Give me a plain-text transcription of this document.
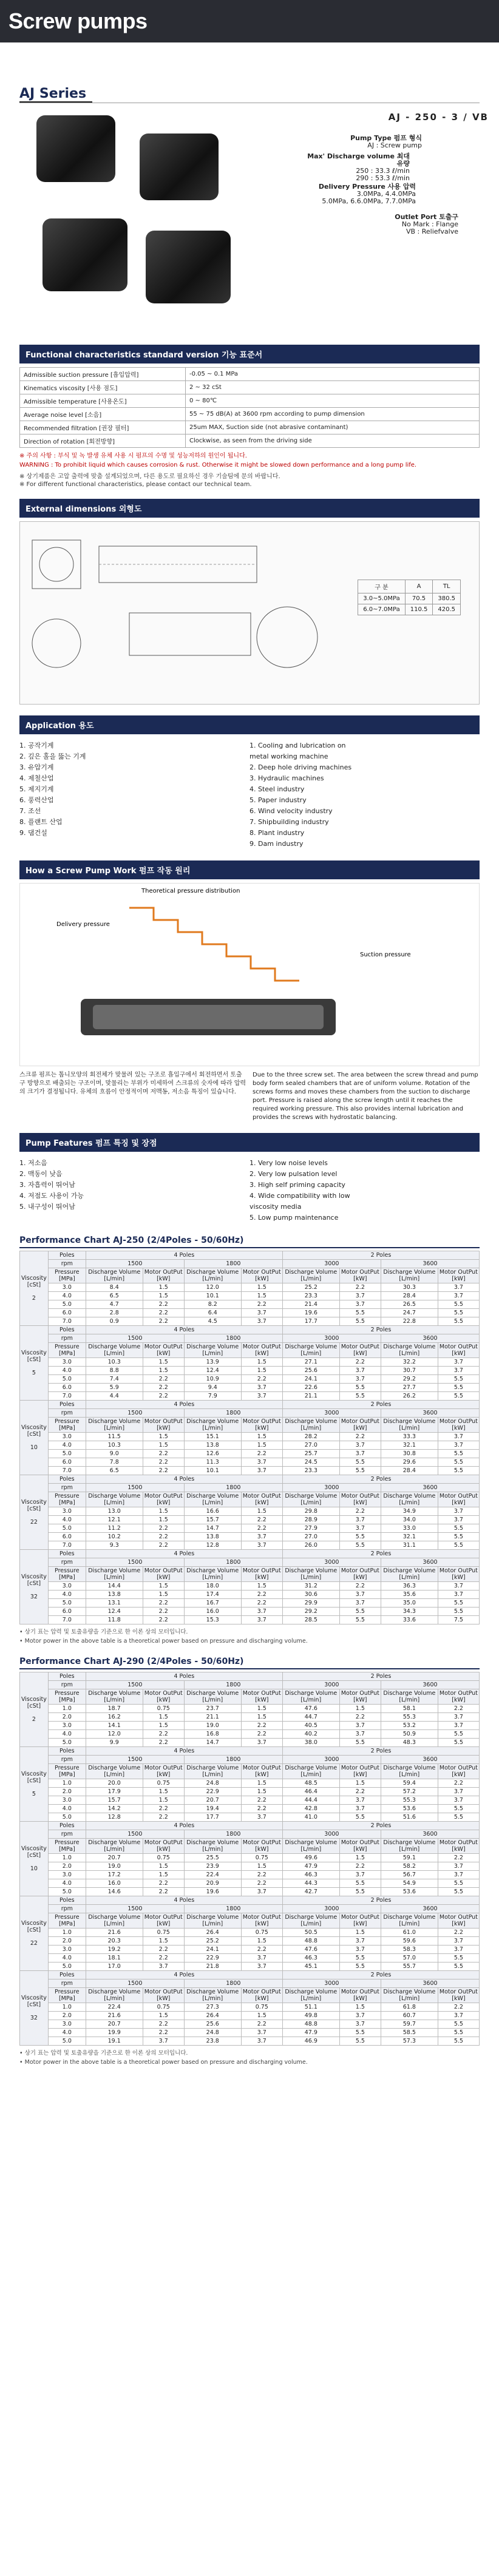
Screw pumps
AJ Series
AJ - 250 - 3 / VB
Pump Type 펌프 형식
AJ : Screw pump
Max' Discharge volume 최대유량
250 : 33.3 ℓ/min
290 : 53.3 ℓ/min
Delivery Pressure 사용 압력
3.0MPa, 4.4.0MPa
5.0MPa, 6.6.0MPa, 7.7.0MPa
Outlet Port 토출구
No Mark : Flange
VB : Reliefvalve
Functional characteristics standard version 기능 표준서
Admissible suction pressure [흡입압력]	-0.05 ~ 0.1 MPa
Kinematics viscosity [사용 점도]	2 ~ 32 cSt
Admissible temperature [사용온도]	0 ~ 80℃
Average noise level [소음]	55 ~ 75 dB(A) at 3600 rpm according to pump dimension
Recommended filtration [권장 필터]	25um MAX, Suction side (not abrasive contaminant)
Direction of rotation [회전방향]	Clockwise, as seen from the driving side
※ 주의 사항 : 부식 및 녹 발생 유체 사용 시 펌프의 수명 및 성능저하의 원인이 됩니다.
WARNING : To prohibit liquid which causes corrosion & rust. Otherwise it might be slowed down performance and a long pump life.
※ 상기제품은 고압 출력에 맞춤 설계되었으며, 다른 용도로 필요하신 경우 기술팀에 문의 바랍니다.
※ For different functional characteristics, please contact our technical team.
External dimensions 외형도
구 분	A	TL
3.0~5.0MPa	70.5	380.5
6.0~7.0MPa	110.5	420.5
Application 용도
1. 공작기계
2. 깊은 홀을 뚫는 기계
3. 유압기계
4. 제철산업
5. 제지기계
6. 풍력산업
7. 조선
8. 플랜트 산업
9. 댐건설
1. Cooling and lubrication on metal working machine
2. Deep hole driving machines
3. Hydraulic machines
4. Steel industry
5. Paper industry
6. Wind velocity industry
7. Shipbuilding industry
8. Plant industry
9. Dam industry
How a Screw Pump Work 펌프 작동 원리
Theoretical pressure distribution
Delivery pressure
Suction pressure
스크류 펌프는 톱니모양의 회전체가 맞물려 있는 구조로 흡입구에서 회전하면서 토출구 방향으로 배출되는 구조이며, 맞물리는 부위가 미세하여 스크류의 숫자에 따라 압력의 크기가 결정됩니다. 유체의 흐름이 안정적이며 저맥동, 저소음 특징이 있습니다.
Due to the three screw set. The area between the screw thread and pump body form sealed chambers that are of uniform volume. Rotation of the screws forms and moves these chambers from the suction to discharge port. Pressure is raised along the screw length until it reaches the required working pressure. This also provides internal lubrication and provides the screws with hydrostatic balancing.
Pump Features 펌프 특징 및 장점
1. 저소음
2. 맥동이 낮음
3. 자흡력이 뛰어남
4. 저점도 사용이 가능
5. 내구성이 뛰어남
1. Very low noise levels
2. Very low pulsation level
3. High self priming capacity
4. Wide compatibility with low viscosity media
5. Low pump maintenance
Performance Chart AJ-250 (2/4Poles - 50/60Hz)
Viscosity
[cSt]

2	Poles	4 Poles				2 Poles			
	rpm	1500		1800		3000		3600	
	Pressure [MPa]	Discharge Volume [L/min]	Motor OutPut [kW]	Discharge Volume [L/min]	Motor OutPut [kW]	Discharge Volume [L/min]	Motor OutPut [kW]	Discharge Volume [L/min]	Motor OutPut [kW]
	3.0	8.4	1.5	12.0	1.5	25.2	2.2	30.3	3.7
	4.0	6.5	1.5	10.1	1.5	23.3	3.7	28.4	3.7
	5.0	4.7	2.2	8.2	2.2	21.4	3.7	26.5	5.5
	6.0	2.8	2.2	6.4	3.7	19.6	5.5	24.7	5.5
	7.0	0.9	2.2	4.5	3.7	17.7	5.5	22.8	5.5
Viscosity
[cSt]

5	Poles	4 Poles				2 Poles			
	rpm	1500		1800		3000		3600	
	Pressure [MPa]	Discharge Volume [L/min]	Motor OutPut [kW]	Discharge Volume [L/min]	Motor OutPut [kW]	Discharge Volume [L/min]	Motor OutPut [kW]	Discharge Volume [L/min]	Motor OutPut [kW]
	3.0	10.3	1.5	13.9	1.5	27.1	2.2	32.2	3.7
	4.0	8.8	1.5	12.4	1.5	25.6	3.7	30.7	3.7
	5.0	7.4	2.2	10.9	2.2	24.1	3.7	29.2	5.5
	6.0	5.9	2.2	9.4	3.7	22.6	5.5	27.7	5.5
	7.0	4.4	2.2	7.9	3.7	21.1	5.5	26.2	5.5
Viscosity
[cSt]

10	Poles	4 Poles				2 Poles			
	rpm	1500		1800		3000		3600	
	Pressure [MPa]	Discharge Volume [L/min]	Motor OutPut [kW]	Discharge Volume [L/min]	Motor OutPut [kW]	Discharge Volume [L/min]	Motor OutPut [kW]	Discharge Volume [L/min]	Motor OutPut [kW]
	3.0	11.5	1.5	15.1	1.5	28.2	2.2	33.3	3.7
	4.0	10.3	1.5	13.8	1.5	27.0	3.7	32.1	3.7
	5.0	9.0	2.2	12.6	2.2	25.7	3.7	30.8	5.5
	6.0	7.8	2.2	11.3	3.7	24.5	5.5	29.6	5.5
	7.0	6.5	2.2	10.1	3.7	23.3	5.5	28.4	5.5
Viscosity
[cSt]

22	Poles	4 Poles				2 Poles			
	rpm	1500		1800		3000		3600	
	Pressure [MPa]	Discharge Volume [L/min]	Motor OutPut [kW]	Discharge Volume [L/min]	Motor OutPut [kW]	Discharge Volume [L/min]	Motor OutPut [kW]	Discharge Volume [L/min]	Motor OutPut [kW]
	3.0	13.0	1.5	16.6	1.5	29.8	2.2	34.9	3.7
	4.0	12.1	1.5	15.7	2.2	28.9	3.7	34.0	3.7
	5.0	11.2	2.2	14.7	2.2	27.9	3.7	33.0	5.5
	6.0	10.2	2.2	13.8	3.7	27.0	5.5	32.1	5.5
	7.0	9.3	2.2	12.8	3.7	26.0	5.5	31.1	5.5
Viscosity
[cSt]

32	Poles	4 Poles				2 Poles			
	rpm	1500		1800		3000		3600	
	Pressure [MPa]	Discharge Volume [L/min]	Motor OutPut [kW]	Discharge Volume [L/min]	Motor OutPut [kW]	Discharge Volume [L/min]	Motor OutPut [kW]	Discharge Volume [L/min]	Motor OutPut [kW]
	3.0	14.4	1.5	18.0	1.5	31.2	2.2	36.3	3.7
	4.0	13.8	1.5	17.4	2.2	30.6	3.7	35.6	3.7
	5.0	13.1	2.2	16.7	2.2	29.9	3.7	35.0	5.5
	6.0	12.4	2.2	16.0	3.7	29.2	5.5	34.3	5.5
	7.0	11.8	2.2	15.3	3.7	28.5	5.5	33.6	7.5
• 상기 표는 압력 및 토출유량을 기준으로 한 이론 상의 모터입니다.
• Motor power in the above table is a theoretical power based on pressure and discharging volume.
Performance Chart AJ-290 (2/4Poles - 50/60Hz)
Viscosity
[cSt]

2	Poles	4 Poles				2 Poles			
	rpm	1500		1800		3000		3600	
	Pressure [MPa]	Discharge Volume [L/min]	Motor OutPut [kW]	Discharge Volume [L/min]	Motor OutPut [kW]	Discharge Volume [L/min]	Motor OutPut [kW]	Discharge Volume [L/min]	Motor OutPut [kW]
	1.0	18.7	0.75	23.7	1.5	47.6	1.5	58.1	2.2
	2.0	16.2	1.5	21.1	1.5	44.7	2.2	55.3	3.7
	3.0	14.1	1.5	19.0	2.2	40.5	3.7	53.2	3.7
	4.0	12.0	2.2	16.8	2.2	40.2	3.7	50.9	5.5
	5.0	9.9	2.2	14.7	3.7	38.0	5.5	48.3	5.5
Viscosity
[cSt]

5	Poles	4 Poles				2 Poles			
	rpm	1500		1800		3000		3600	
	Pressure [MPa]	Discharge Volume [L/min]	Motor OutPut [kW]	Discharge Volume [L/min]	Motor OutPut [kW]	Discharge Volume [L/min]	Motor OutPut [kW]	Discharge Volume [L/min]	Motor OutPut [kW]
	1.0	20.0	0.75	24.8	1.5	48.5	1.5	59.4	2.2
	2.0	17.9	1.5	22.9	1.5	46.4	2.2	57.2	3.7
	3.0	15.7	1.5	20.7	2.2	44.4	3.7	55.3	3.7
	4.0	14.2	2.2	19.4	2.2	42.8	3.7	53.6	5.5
	5.0	12.8	2.2	17.7	3.7	41.0	5.5	51.6	5.5
Viscosity
[cSt]

10	Poles	4 Poles				2 Poles			
	rpm	1500		1800		3000		3600	
	Pressure [MPa]	Discharge Volume [L/min]	Motor OutPut [kW]	Discharge Volume [L/min]	Motor OutPut [kW]	Discharge Volume [L/min]	Motor OutPut [kW]	Discharge Volume [L/min]	Motor OutPut [kW]
	1.0	20.7	0.75	25.5	0.75	49.6	1.5	59.1	2.2
	2.0	19.0	1.5	23.9	1.5	47.9	2.2	58.2	3.7
	3.0	17.2	1.5	22.4	2.2	46.3	3.7	56.7	3.7
	4.0	16.0	2.2	20.9	2.2	44.3	5.5	54.9	5.5
	5.0	14.6	2.2	19.6	3.7	42.7	5.5	53.6	5.5
Viscosity
[cSt]

22	Poles	4 Poles				2 Poles			
	rpm	1500		1800		3000		3600	
	Pressure [MPa]	Discharge Volume [L/min]	Motor OutPut [kW]	Discharge Volume [L/min]	Motor OutPut [kW]	Discharge Volume [L/min]	Motor OutPut [kW]	Discharge Volume [L/min]	Motor OutPut [kW]
	1.0	21.6	0.75	26.4	0.75	50.5	1.5	61.0	2.2
	2.0	20.3	1.5	25.2	1.5	48.8	3.7	59.6	3.7
	3.0	19.2	2.2	24.1	2.2	47.6	3.7	58.3	3.7
	4.0	18.1	2.2	22.9	3.7	46.3	5.5	57.0	5.5
	5.0	17.0	3.7	21.8	3.7	45.1	5.5	55.7	5.5
Viscosity
[cSt]

32	Poles	4 Poles				2 Poles			
	rpm	1500		1800		3000		3600	
	Pressure [MPa]	Discharge Volume [L/min]	Motor OutPut [kW]	Discharge Volume [L/min]	Motor OutPut [kW]	Discharge Volume [L/min]	Motor OutPut [kW]	Discharge Volume [L/min]	Motor OutPut [kW]
	1.0	22.4	0.75	27.3	0.75	51.1	1.5	61.8	2.2
	2.0	21.6	1.5	26.4	1.5	49.8	3.7	60.7	3.7
	3.0	20.7	2.2	25.6	2.2	48.8	3.7	59.7	5.5
	4.0	19.9	2.2	24.8	3.7	47.9	5.5	58.5	5.5
	5.0	19.1	3.7	23.8	3.7	46.9	5.5	57.3	5.5
• 상기 표는 압력 및 토출유량을 기준으로 한 이론 상의 모터입니다.
• Motor power in the above table is a theoretical power based on pressure and discharging volume.
